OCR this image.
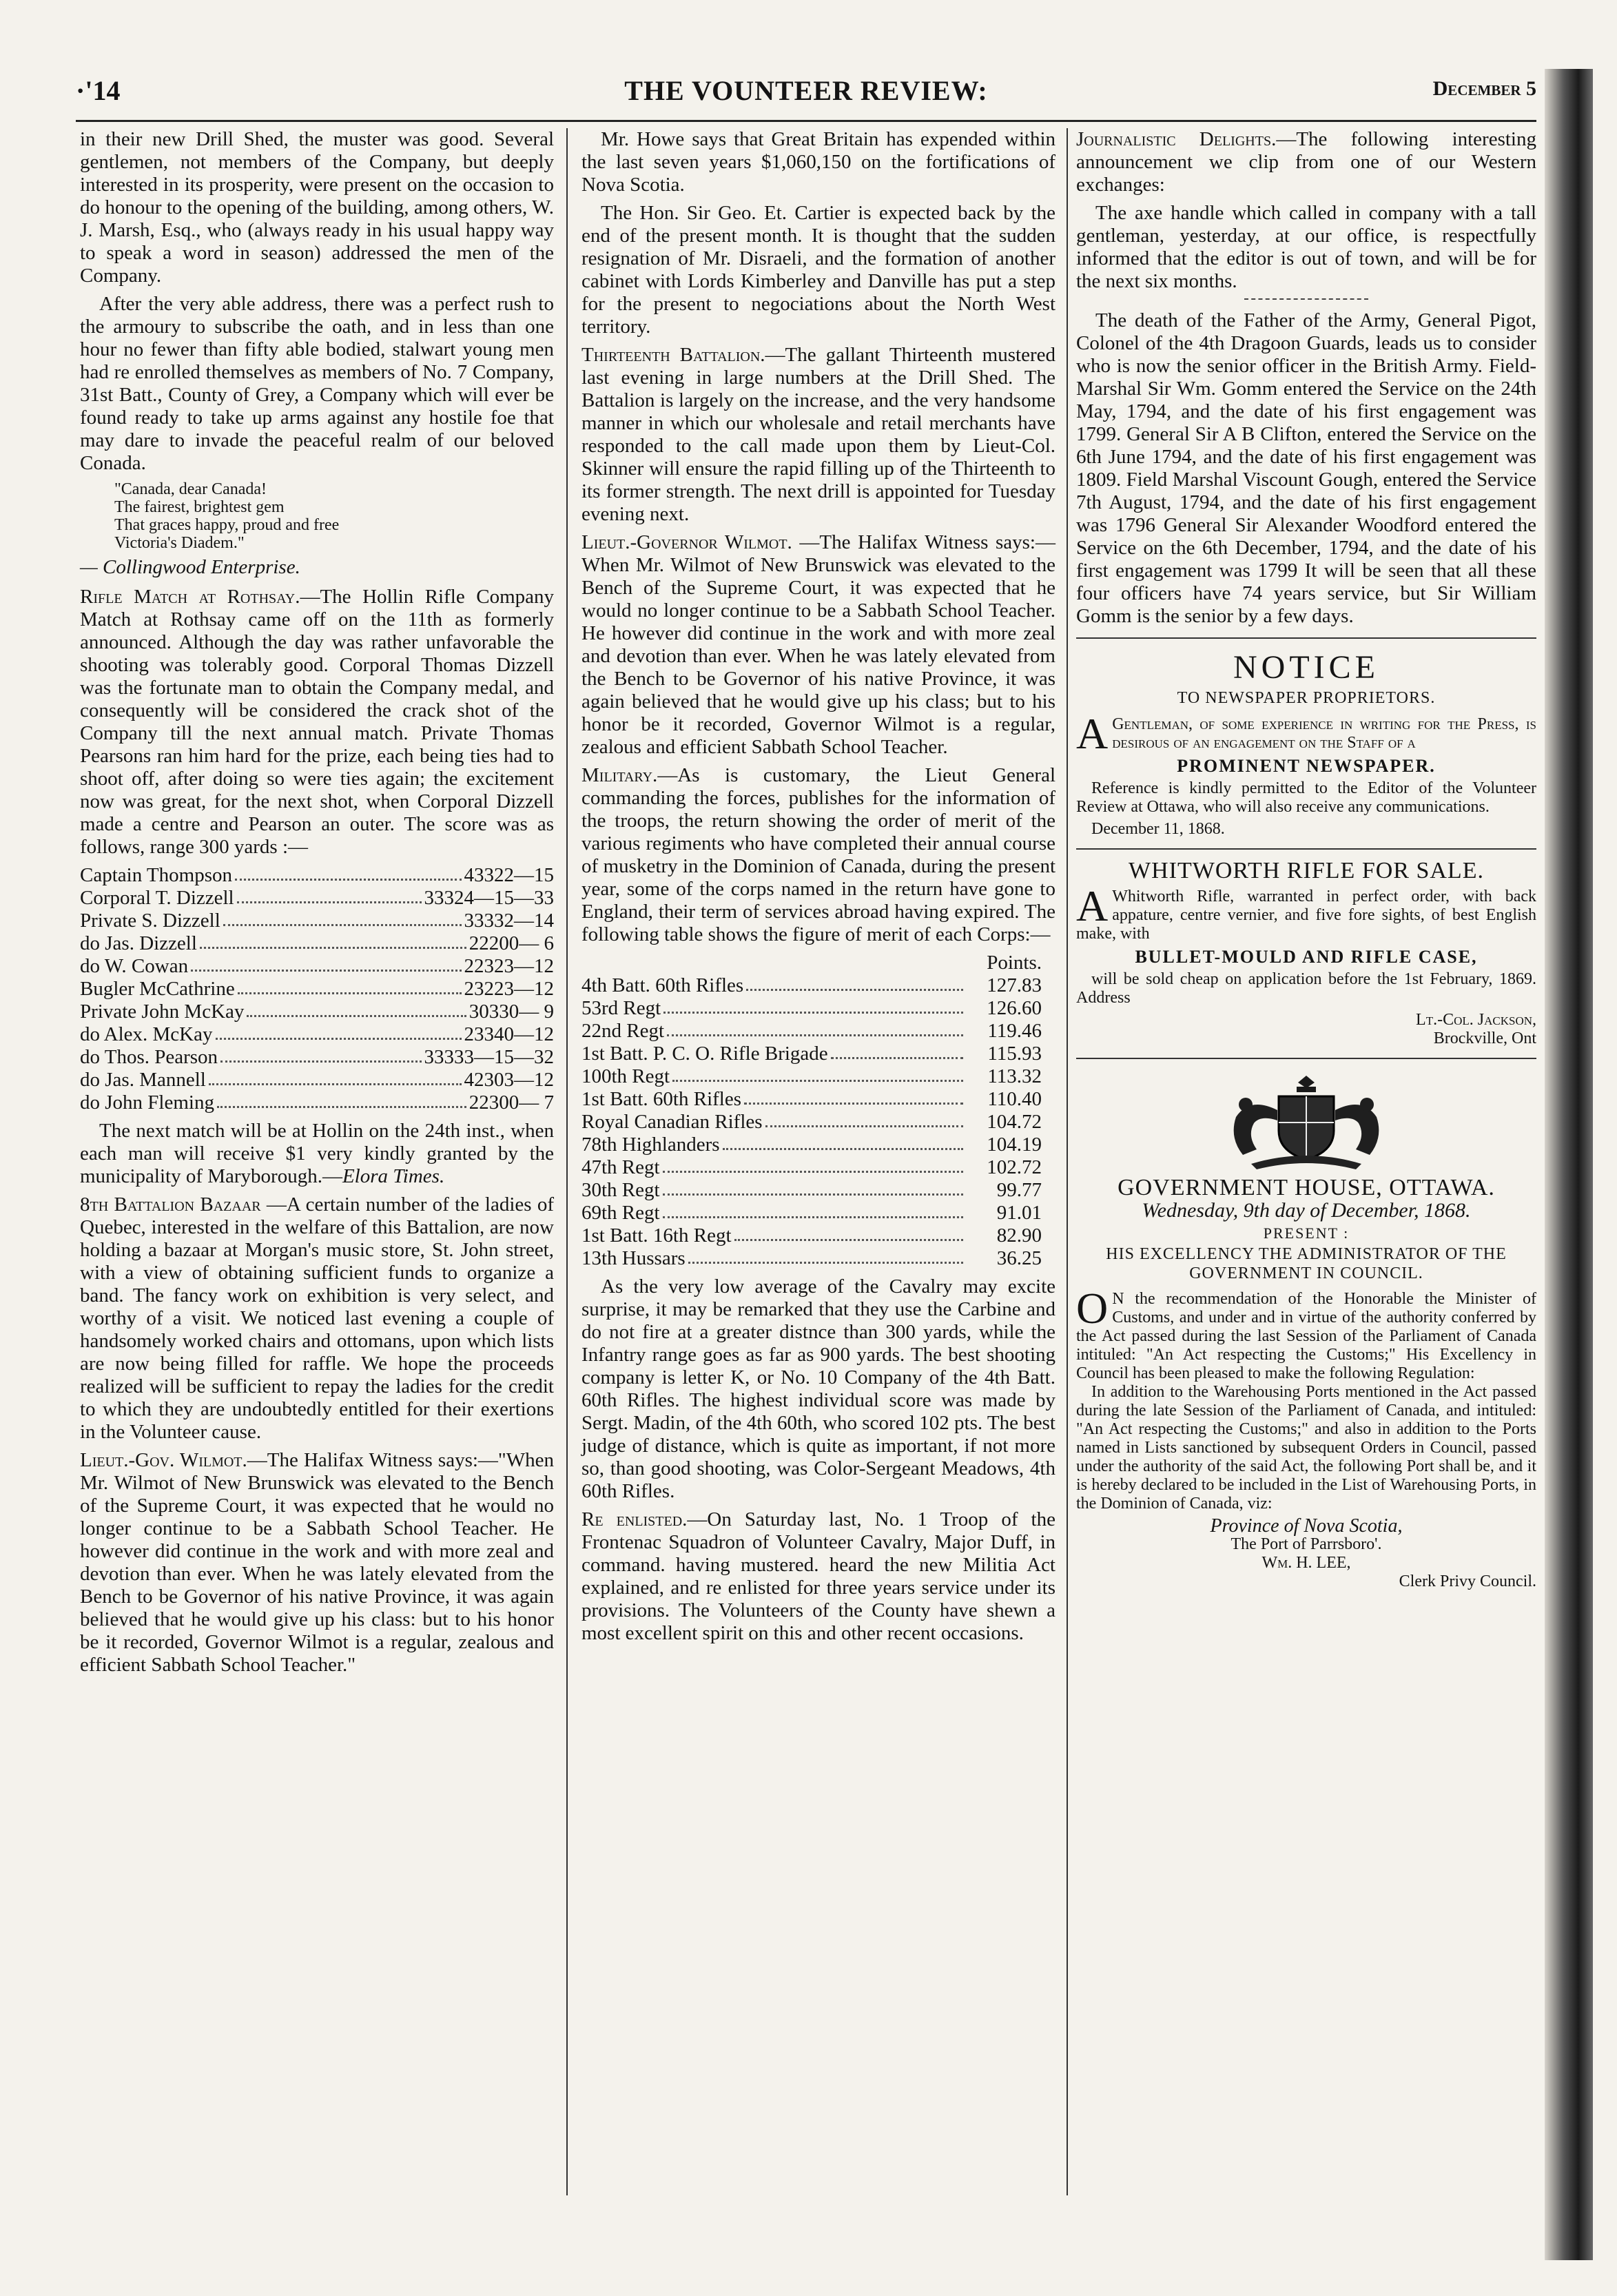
·'14	THE VOUNTEER REVIEW:	December 5

in their new Drill Shed, the muster was good. Several gentlemen, not members of the Company, but deeply interested in its prosperity, were present on the occasion to do honour to the opening of the building, among others, W. J. Marsh, Esq., who (always ready in his usual happy way to speak a word in season) addressed the men of the Company.

After the very able address, there was a perfect rush to the armoury to subscribe the oath, and in less than one hour no fewer than fifty able bodied, stalwart young men had re enrolled themselves as members of No. 7 Company, 31st Batt., County of Grey, a Company which will ever be found ready to take up arms against any hostile foe that may dare to invade the peaceful realm of our beloved Conada.

"Canada, dear Canada!
The fairest, brightest gem
That graces happy, proud and free
Victoria's Diadem."
— Collingwood Enterprise.

Rifle Match at Rothsay.—The Hollin Rifle Company Match at Rothsay came off on the 11th as formerly announced. Although the day was rather unfavorable the shooting was tolerably good. Corporal Thomas Dizzell was the fortunate man to obtain the Company medal, and consequently will be considered the crack shot of the Company till the next annual match. Private Thomas Pearsons ran him hard for the prize, each being ties had to shoot off, after doing so were ties again; the excitement now was great, for the next shot, when Corporal Dizzell made a centre and Pearson an outer. The score was as follows, range 300 yards :—

Captain Thompson	43322—15
Corporal T. Dizzell	33324—15—33
Private S. Dizzell	33332—14
do Jas. Dizzell	22200— 6
do W. Cowan	22323—12
Bugler McCathrine	23223—12
Private John McKay	30330— 9
do Alex. McKay	23340—12
do Thos. Pearson	33333—15—32
do Jas. Mannell	42303—12
do John Fleming	22300— 7

The next match will be at Hollin on the 24th inst., when each man will receive $1 very kindly granted by the municipality of Maryborough.—Elora Times.

8th Battalion Bazaar —A certain number of the ladies of Quebec, interested in the welfare of this Battalion, are now holding a bazaar at Morgan's music store, St. John street, with a view of obtaining sufficient funds to organize a band. The fancy work on exhibition is very select, and worthy of a visit. We noticed last evening a couple of handsomely worked chairs and ottomans, upon which lists are now being filled for raffle. We hope the proceeds realized will be sufficient to repay the ladies for the credit to which they are undoubtedly entitled for their exertions in the Volunteer cause.

Lieut.-Gov. Wilmot.—The Halifax Witness says:—"When Mr. Wilmot of New Brunswick was elevated to the Bench of the Supreme Court, it was expected that he would no longer continue to be a Sabbath School Teacher. He however did continue in the work and with more zeal and devotion than ever. When he was lately elevated from the Bench to be Governor of his native Province, it was again believed that he would give up his class: but to his honor be it recorded, Governor Wilmot is a regular, zealous and efficient Sabbath School Teacher."

Mr. Howe says that Great Britain has expended within the last seven years $1,060,150 on the fortifications of Nova Scotia.

The Hon. Sir Geo. Et. Cartier is expected back by the end of the present month. It is thought that the sudden resignation of Mr. Disraeli, and the formation of another cabinet with Lords Kimberley and Danville has put a step for the present to negociations about the North West territory.

Thirteenth Battalion.—The gallant Thirteenth mustered last evening in large numbers at the Drill Shed. The Battalion is largely on the increase, and the very handsome manner in which our wholesale and retail merchants have responded to the call made upon them by Lieut-Col. Skinner will ensure the rapid filling up of the Thirteenth to its former strength. The next drill is appointed for Tuesday evening next.

Lieut.-Governor Wilmot. —The Halifax Witness says:—When Mr. Wilmot of New Brunswick was elevated to the Bench of the Supreme Court, it was expected that he would no longer continue to be a Sabbath School Teacher. He however did continue in the work and with more zeal and devotion than ever. When he was lately elevated from the Bench to be Governor of his native Province, it was again believed that he would give up his class; but to his honor be it recorded, Governor Wilmot is a regular, zealous and efficient Sabbath School Teacher.

Military.—As is customary, the Lieut General commanding the forces, publishes for the information of the troops, the return showing the order of merit of the various regiments who have completed their annual course of musketry in the Dominion of Canada, during the present year, some of the corps named in the return have gone to England, their term of services abroad having expired. The following table shows the figure of merit of each Corps:—

Points.
4th Batt. 60th Rifles	127.83
53rd Regt	126.60
22nd Regt	119.46
1st Batt. P. C. O. Rifle Brigade	115.93
100th Regt	113.32
1st Batt. 60th Rifles	110.40
Royal Canadian Rifles	104.72
78th Highlanders	104.19
47th Regt	102.72
30th Regt	99.77
69th Regt	91.01
1st Batt. 16th Regt	82.90
13th Hussars	36.25

As the very low average of the Cavalry may excite surprise, it may be remarked that they use the Carbine and do not fire at a greater distnce than 300 yards, while the Infantry range goes as far as 900 yards. The best shooting company is letter K, or No. 10 Company of the 4th Batt. 60th Rifles. The highest individual score was made by Sergt. Madin, of the 4th 60th, who scored 102 pts. The best judge of distance, which is quite as important, if not more so, than good shooting, was Color-Sergeant Meadows, 4th 60th Rifles.

Re enlisted.—On Saturday last, No. 1 Troop of the Frontenac Squadron of Volunteer Cavalry, Major Duff, in command. having mustered. heard the new Militia Act explained, and re enlisted for three years service under its provisions. The Volunteers of the County have shewn a most excellent spirit on this and other recent occasions.

Journalistic Delights.—The following interesting announcement we clip from one of our Western exchanges:

The axe handle which called in company with a tall gentleman, yesterday, at our office, is respectfully informed that the editor is out of town, and will be for the next six months.

The death of the Father of the Army, General Pigot, Colonel of the 4th Dragoon Guards, leads us to consider who is now the senior officer in the British Army. Field-Marshal Sir Wm. Gomm entered the Service on the 24th May, 1794, and the date of his first engagement was 1799. General Sir A B Clifton, entered the Service on the 6th June 1794, and the date of his first engagement was 1809. Field Marshal Viscount Gough, entered the Service 7th August, 1794, and the date of his first engagement was 1796 General Sir Alexander Woodford entered the Service on the 6th December, 1794, and the date of his first engagement was 1799 It will be seen that all these four officers have 74 years service, but Sir William Gomm is the senior by a few days.

NOTICE
TO NEWSPAPER PROPRIETORS.
A Gentleman, of some experience in writing for the Press, is desirous of an engagement on the Staff of a
PROMINENT NEWSPAPER.

Reference is kindly permitted to the Editor of the Volunteer Review at Ottawa, who will also receive any communications.

December 11, 1868.

WHITWORTH RIFLE FOR SALE.
A Whitworth Rifle, warranted in perfect order, with back appature, centre vernier, and five fore sights, of best English make, with
BULLET-MOULD AND RIFLE CASE,

will be sold cheap on application before the 1st February, 1869. Address

Lt.-Col. Jackson,
Brockville, Ont
GOVERNMENT HOUSE, OTTAWA.
Wednesday, 9th day of December, 1868.
PRESENT :
HIS EXCELLENCY THE ADMINISTRATOR OF THE GOVERNMENT IN COUNCIL.
O N the recommendation of the Honorable the Minister of Customs, and under and in virtue of the authority conferred by the Act passed during the last Session of the Parliament of Canada intituled: "An Act respecting the Customs;" His Excellency in Council has been pleased to make the following Regulation:

In addition to the Warehousing Ports mentioned in the Act passed during the late Session of the Parliament of Canada, and intituled: "An Act respecting the Customs;" and also in addition to the Ports named in Lists sanctioned by subsequent Orders in Council, passed under the authority of the said Act, the following Port shall be, and it is hereby declared to be included in the List of Warehousing Ports, in the Dominion of Canada, viz:

Province of Nova Scotia,
The Port of Parrsboro'.
Wm. H. LEE,
Clerk Privy Council.
